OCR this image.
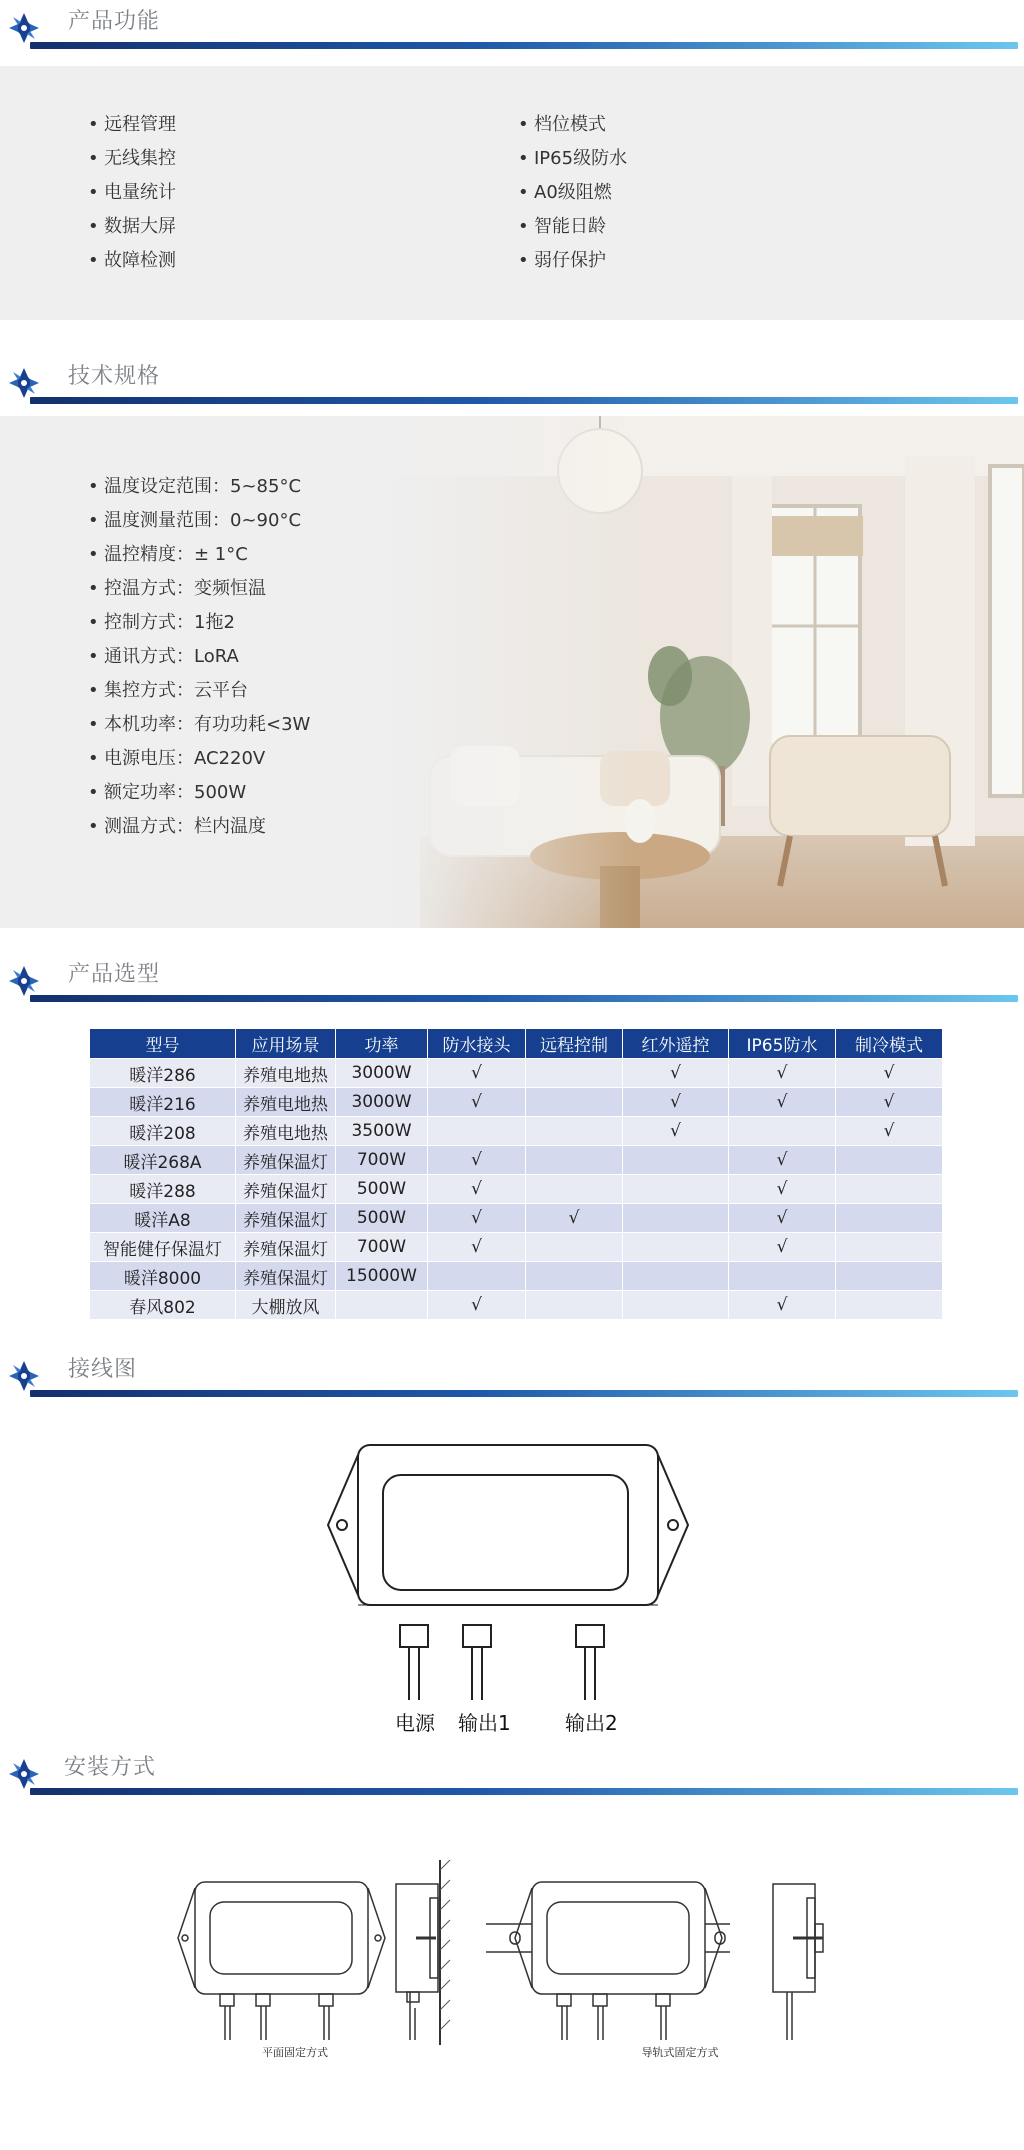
产品功能
• 远程管理
• 无线集控
• 电量统计
• 数据大屏
• 故障检测
• 档位模式
• IP65级防水
• A0级阻燃
• 智能日龄
• 弱仔保护
技术规格
• 温度设定范围：5~85°C
• 温度测量范围：0~90°C
• 温控精度：± 1°C
• 控温方式：变频恒温
• 控制方式：1拖2
• 通讯方式：LoRA
• 集控方式：云平台
• 本机功率：有功功耗<3W
• 电源电压：AC220V
• 额定功率：500W
• 测温方式：栏内温度
产品选型
型号	应用场景	功率	防水接头	远程控制	红外遥控	IP65防水	制冷模式
暖洋286	养殖电地热	3000W	√		√	√	√
暖洋216	养殖电地热	3000W	√		√	√	√
暖洋208	养殖电地热	3500W			√		√
暖洋268A	养殖保温灯	700W	√			√	
暖洋288	养殖保温灯	500W	√			√	
暖洋A8	养殖保温灯	500W	√	√		√	
智能健仔保温灯	养殖保温灯	700W	√			√	
暖洋8000	养殖保温灯	15000W					
春风802	大棚放风		√			√	
接线图
电源 输出1	输出2
安装方式
平面固定方式	导轨式固定方式
